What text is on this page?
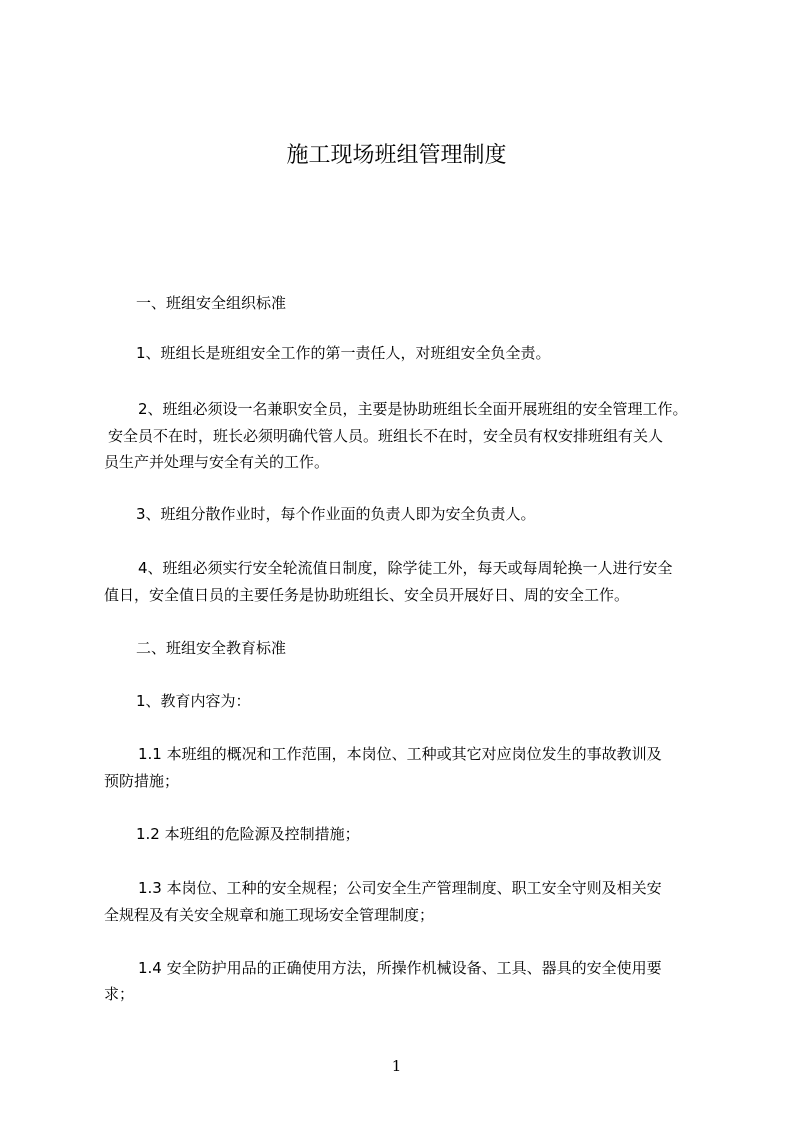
施工现场班组管理制度
一、班组安全组织标准
1、班组长是班组安全工作的第一责任人，对班组安全负全责。
2、班组必须设一名兼职安全员，主要是协助班组长全面开展班组的安全管理工作。
安全员不在时，班长必须明确代管人员。班组长不在时，安全员有权安排班组有关人
员生产并处理与安全有关的工作。
3、班组分散作业时，每个作业面的负责人即为安全负责人。
4、班组必须实行安全轮流值日制度，除学徒工外，每天或每周轮换一人进行安全
值日，安全值日员的主要任务是协助班组长、安全员开展好日、周的安全工作。
二、班组安全教育标准
1、教育内容为：
1.1 本班组的概况和工作范围，本岗位、工种或其它对应岗位发生的事故教训及
预防措施；
1.2 本班组的危险源及控制措施；
1.3 本岗位、工种的安全规程；公司安全生产管理制度、职工安全守则及相关安
全规程及有关安全规章和施工现场安全管理制度；
1.4 安全防护用品的正确使用方法，所操作机械设备、工具、器具的安全使用要
求；
1
